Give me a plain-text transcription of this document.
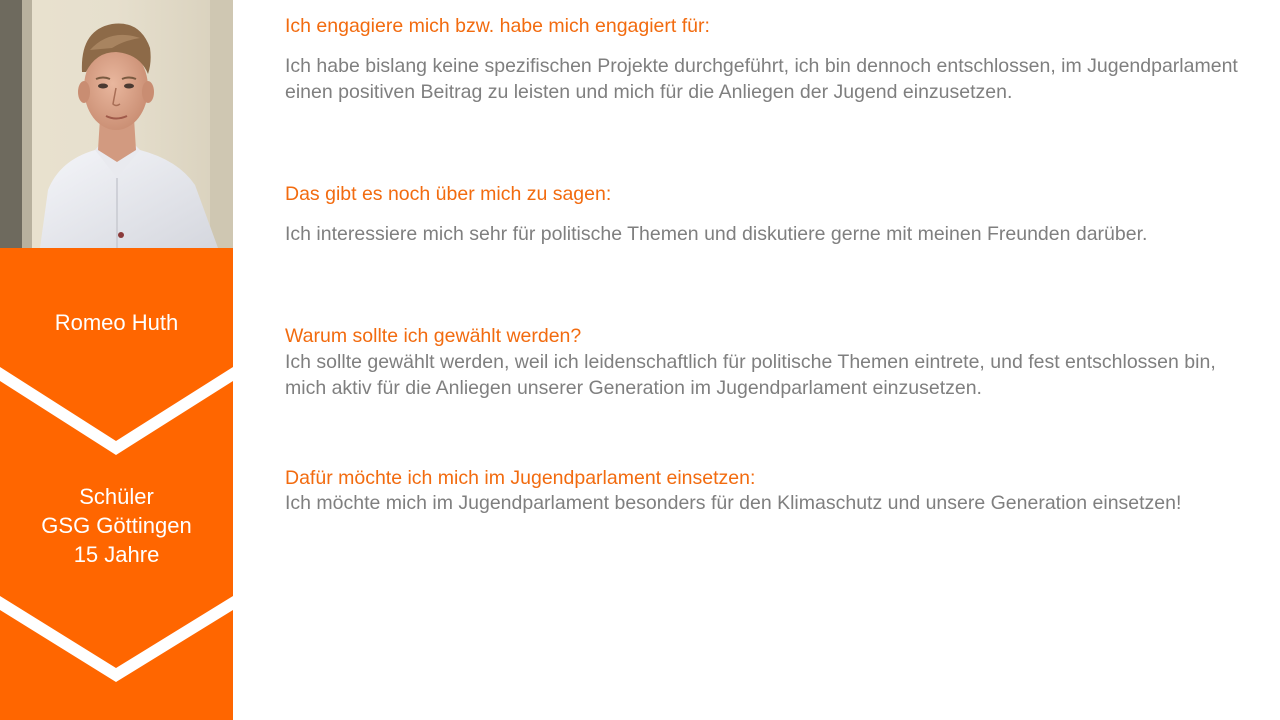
Romeo Huth
Schüler
GSG Göttingen
15 Jahre
Ich engagiere mich bzw. habe mich engagiert für:
Ich habe bislang keine spezifischen Projekte durchgeführt, ich bin dennoch entschlossen, im Jugendparlament einen positiven Beitrag zu leisten und mich für die Anliegen der Jugend einzusetzen.
Das gibt es noch über mich zu sagen:
Ich interessiere mich sehr für politische Themen und diskutiere gerne mit meinen Freunden darüber.
Warum sollte ich gewählt werden?
Ich sollte gewählt werden, weil ich leidenschaftlich für politische Themen eintrete, und fest entschlossen bin, mich aktiv für die Anliegen unserer Generation im Jugendparlament einzusetzen.
Dafür möchte ich mich im Jugendparlament einsetzen:
Ich möchte mich im Jugendparlament besonders für den Klimaschutz und unsere Generation einsetzen!
